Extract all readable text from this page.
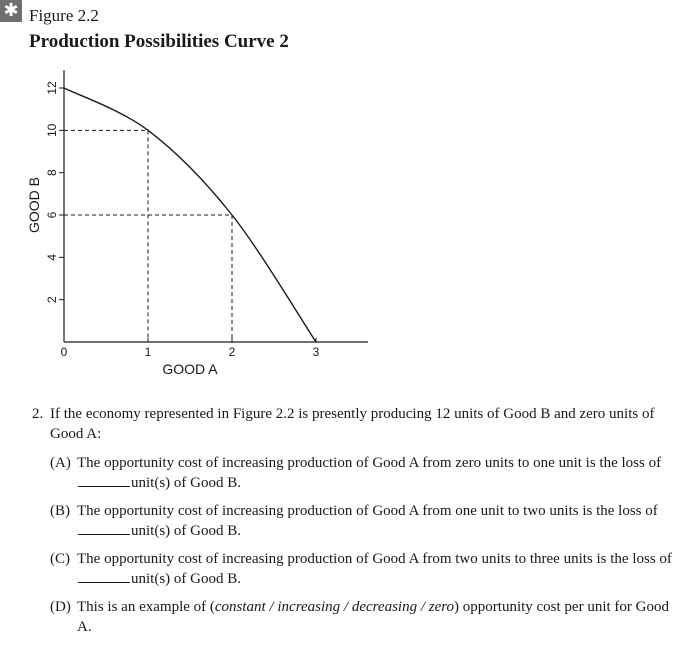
✱ Figure 2.2
Production Possibilities Curve 2
2
4
6
8
10
12
1	2	3
0
GOOD A
GOOD B
2. If the economy represented in Figure 2.2 is presently producing 12 units of Good B and zero units of Good A:
(A) The opportunity cost of increasing production of Good A from zero units to one unit is the loss ofunit(s) of Good B.
(B) The opportunity cost of increasing production of Good A from one unit to two units is the loss ofunit(s) of Good B.
(C) The opportunity cost of increasing production of Good A from two units to three units is the loss ofunit(s) of Good B.
(D) This is an example of (constant / increasing / decreasing / zero) opportunity cost per unit for Good A.
